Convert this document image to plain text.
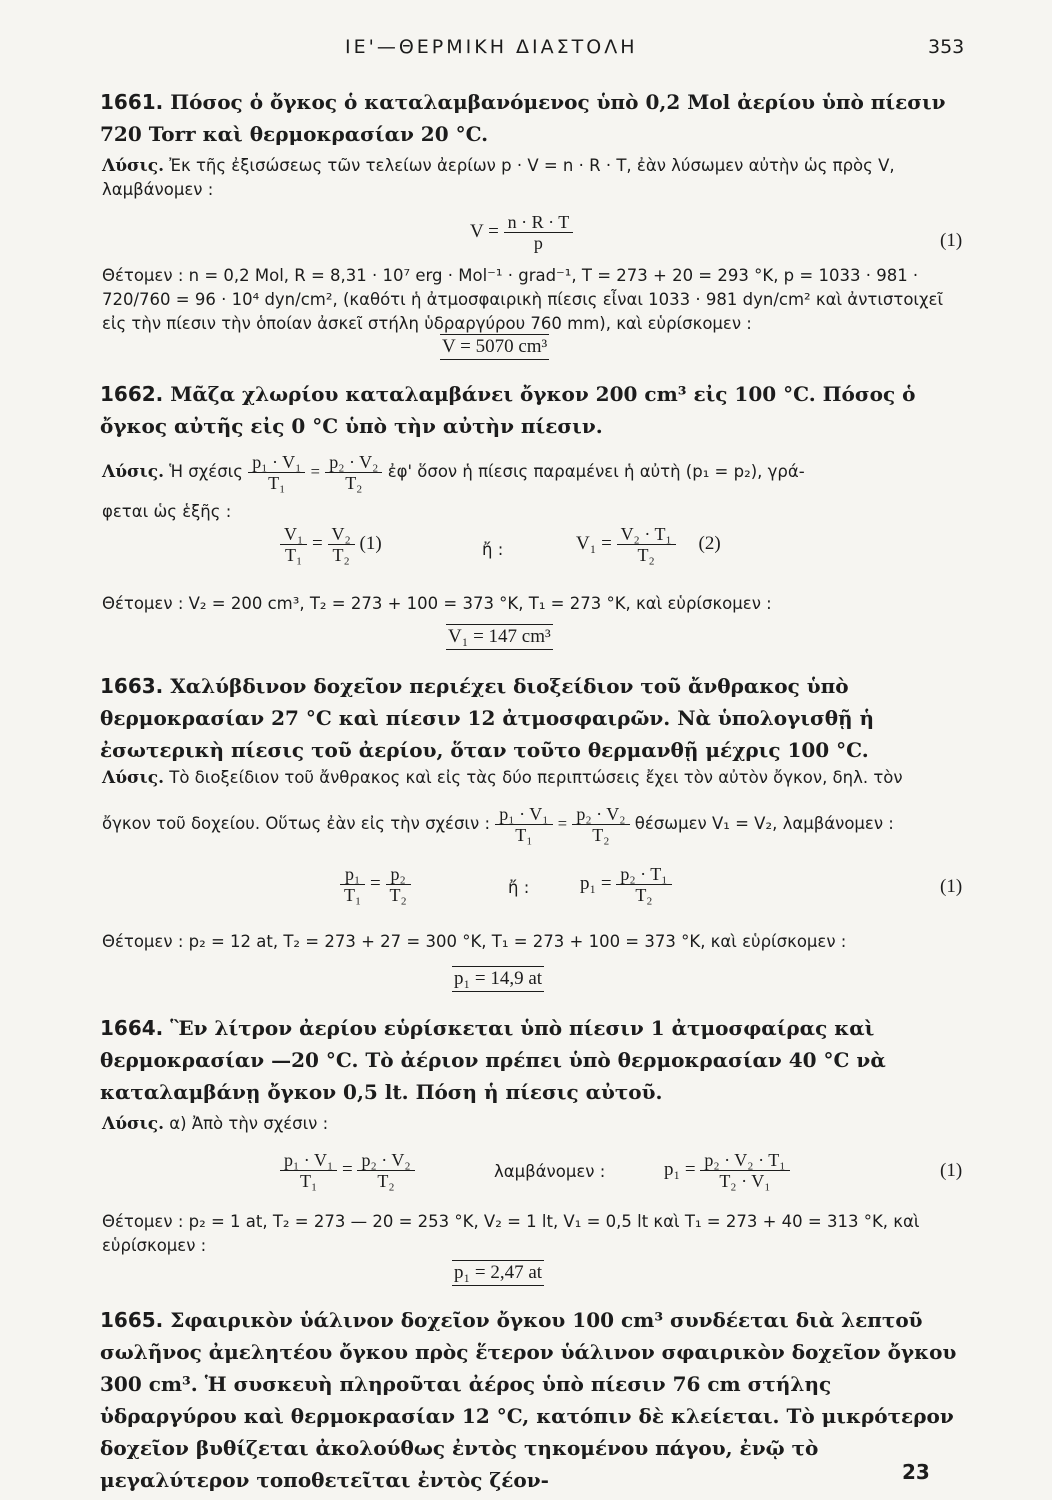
ΙΕ'—ΘΕΡΜΙΚΗ ΔΙΑΣΤΟΛΗ	353
1661. Πόσος ὁ ὄγκος ὁ καταλαμβανόμενος ὑπὸ 0,2 Mol ἀερίου ὑπὸ πίεσιν 720 Torr καὶ θερμοκρασίαν 20 °C.
Λύσις. Ἐκ τῆς ἐξισώσεως τῶν τελείων ἀερίων p · V = n · R · T, ἐὰν λύσωμεν αὐτὴν ὡς πρὸς V, λαμβάνομεν :
$V = \frac{n \cdot R \cdot T}{p}$	(1)
Θέτομεν : n = 0,2 Mol, R = 8,31 · 10⁷ erg · Mol⁻¹ · grad⁻¹, T = 273 + 20 = 293 °K, p = 1033 · 981 · 720/760 = 96 · 10⁴ dyn/cm², (καθότι ἡ ἀτμοσφαιρικὴ πίεσις εἶναι 1033 · 981 dyn/cm² καὶ ἀντιστοιχεῖ εἰς τὴν πίεσιν τὴν ὁποίαν ἀσκεῖ στήλη ὑδραργύρου 760 mm), καὶ εὑρίσκομεν :
V = 5070 cm³
1662. Μᾶζα χλωρίου καταλαμβάνει ὄγκον 200 cm³ εἰς 100 °C. Πόσος ὁ ὄγκος αὐτῆς εἰς 0 °C ὑπὸ τὴν αὐτὴν πίεσιν.
Λύσις. Ἡ σχέσις $\frac{\text{p₁ · V₁}}{\text{T₁}} = \frac{\text{p₂ · V₂}}{\text{T₂}}$ ἐφ' ὅσον ἡ πίεσις παραμένει ἡ αὐτὴ (p₁ = p₂), γρά-
φεται ὡς ἑξῆς :
$\frac{\text{V₁}}{\text{T₁}} = \frac{\text{V₂}}{\text{T₂}} (1)$	ἤ :	$V_1 = \frac{\text{V₂ · T₁}}{\text{T₂}} (2)$
Θέτομεν : V₂ = 200 cm³, T₂ = 273 + 100 = 373 °K, T₁ = 273 °K, καὶ εὑρίσκομεν :
V₁ = 147 cm³
1663. Χαλύβδινον δοχεῖον περιέχει διοξείδιον τοῦ ἄνθρακος ὑπὸ θερμοκρασίαν 27 °C καὶ πίεσιν 12 ἀτμοσφαιρῶν. Νὰ ὑπολογισθῇ ἡ ἐσωτερικὴ πίεσις τοῦ ἀερίου, ὅταν τοῦτο θερμανθῇ μέχρις 100 °C.
Λύσις. Τὸ διοξείδιον τοῦ ἄνθρακος καὶ εἰς τὰς δύο περιπτώσεις ἔχει τὸν αὐτὸν ὄγκον, δηλ. τὸν
ὄγκον τοῦ δοχείου. Οὕτως ἐὰν εἰς τὴν σχέσιν : $\frac{\text{p₁ · V₁}}{\text{T₁}} = \frac{\text{p₂ · V₂}}{\text{T₂}}$ θέσωμεν V₁ = V₂, λαμβάνομεν :
$\frac{\text{p₁}}{\text{T₁}} = \frac{\text{p₂}}{\text{T₂}}$	ἤ :	$p_1 = \frac{\text{p₂ · T₁}}{\text{T₂}}$	(1)
Θέτομεν : p₂ = 12 at, T₂ = 273 + 27 = 300 °K, T₁ = 273 + 100 = 373 °K, καὶ εὑρίσκομεν :
p₁ = 14,9 at
1664. Ἓν λίτρον ἀερίου εὑρίσκεται ὑπὸ πίεσιν 1 ἀτμοσφαίρας καὶ θερμοκρασίαν —20 °C. Τὸ ἀέριον πρέπει ὑπὸ θερμοκρασίαν 40 °C νὰ καταλαμβάνῃ ὄγκον 0,5 lt. Πόση ἡ πίεσις αὐτοῦ.
Λύσις. α) Ἀπὸ τὴν σχέσιν :
$\frac{\text{p₁ · V₁}}{\text{T₁}} = \frac{\text{p₂ · V₂}}{\text{T₂}}$	λαμβάνομεν :	$p_1 = \frac{\text{p₂ · V₂ · T₁}}{\text{T₂ · V₁}}$	(1)
Θέτομεν : p₂ = 1 at, T₂ = 273 — 20 = 253 °K, V₂ = 1 lt, V₁ = 0,5 lt καὶ T₁ = 273 + 40 = 313 °K, καὶ εὑρίσκομεν :
p₁ = 2,47 at
1665. Σφαιρικὸν ὑάλινον δοχεῖον ὄγκου 100 cm³ συνδέεται διὰ λεπτοῦ σωλῆνος ἀμελητέου ὄγκου πρὸς ἕτερον ὑάλινον σφαιρικὸν δοχεῖον ὄγκου 300 cm³. Ἡ συσκευὴ πληροῦται ἀέρος ὑπὸ πίεσιν 76 cm στήλης ὑδραργύρου καὶ θερμοκρασίαν 12 °C, κατόπιν δὲ κλείεται. Τὸ μικρότερον δοχεῖον βυθίζεται ἀκολούθως ἐντὸς τηκομένου πάγου, ἐνῷ τὸ μεγαλύτερον τοποθετεῖται ἐντὸς ζέον-	23
